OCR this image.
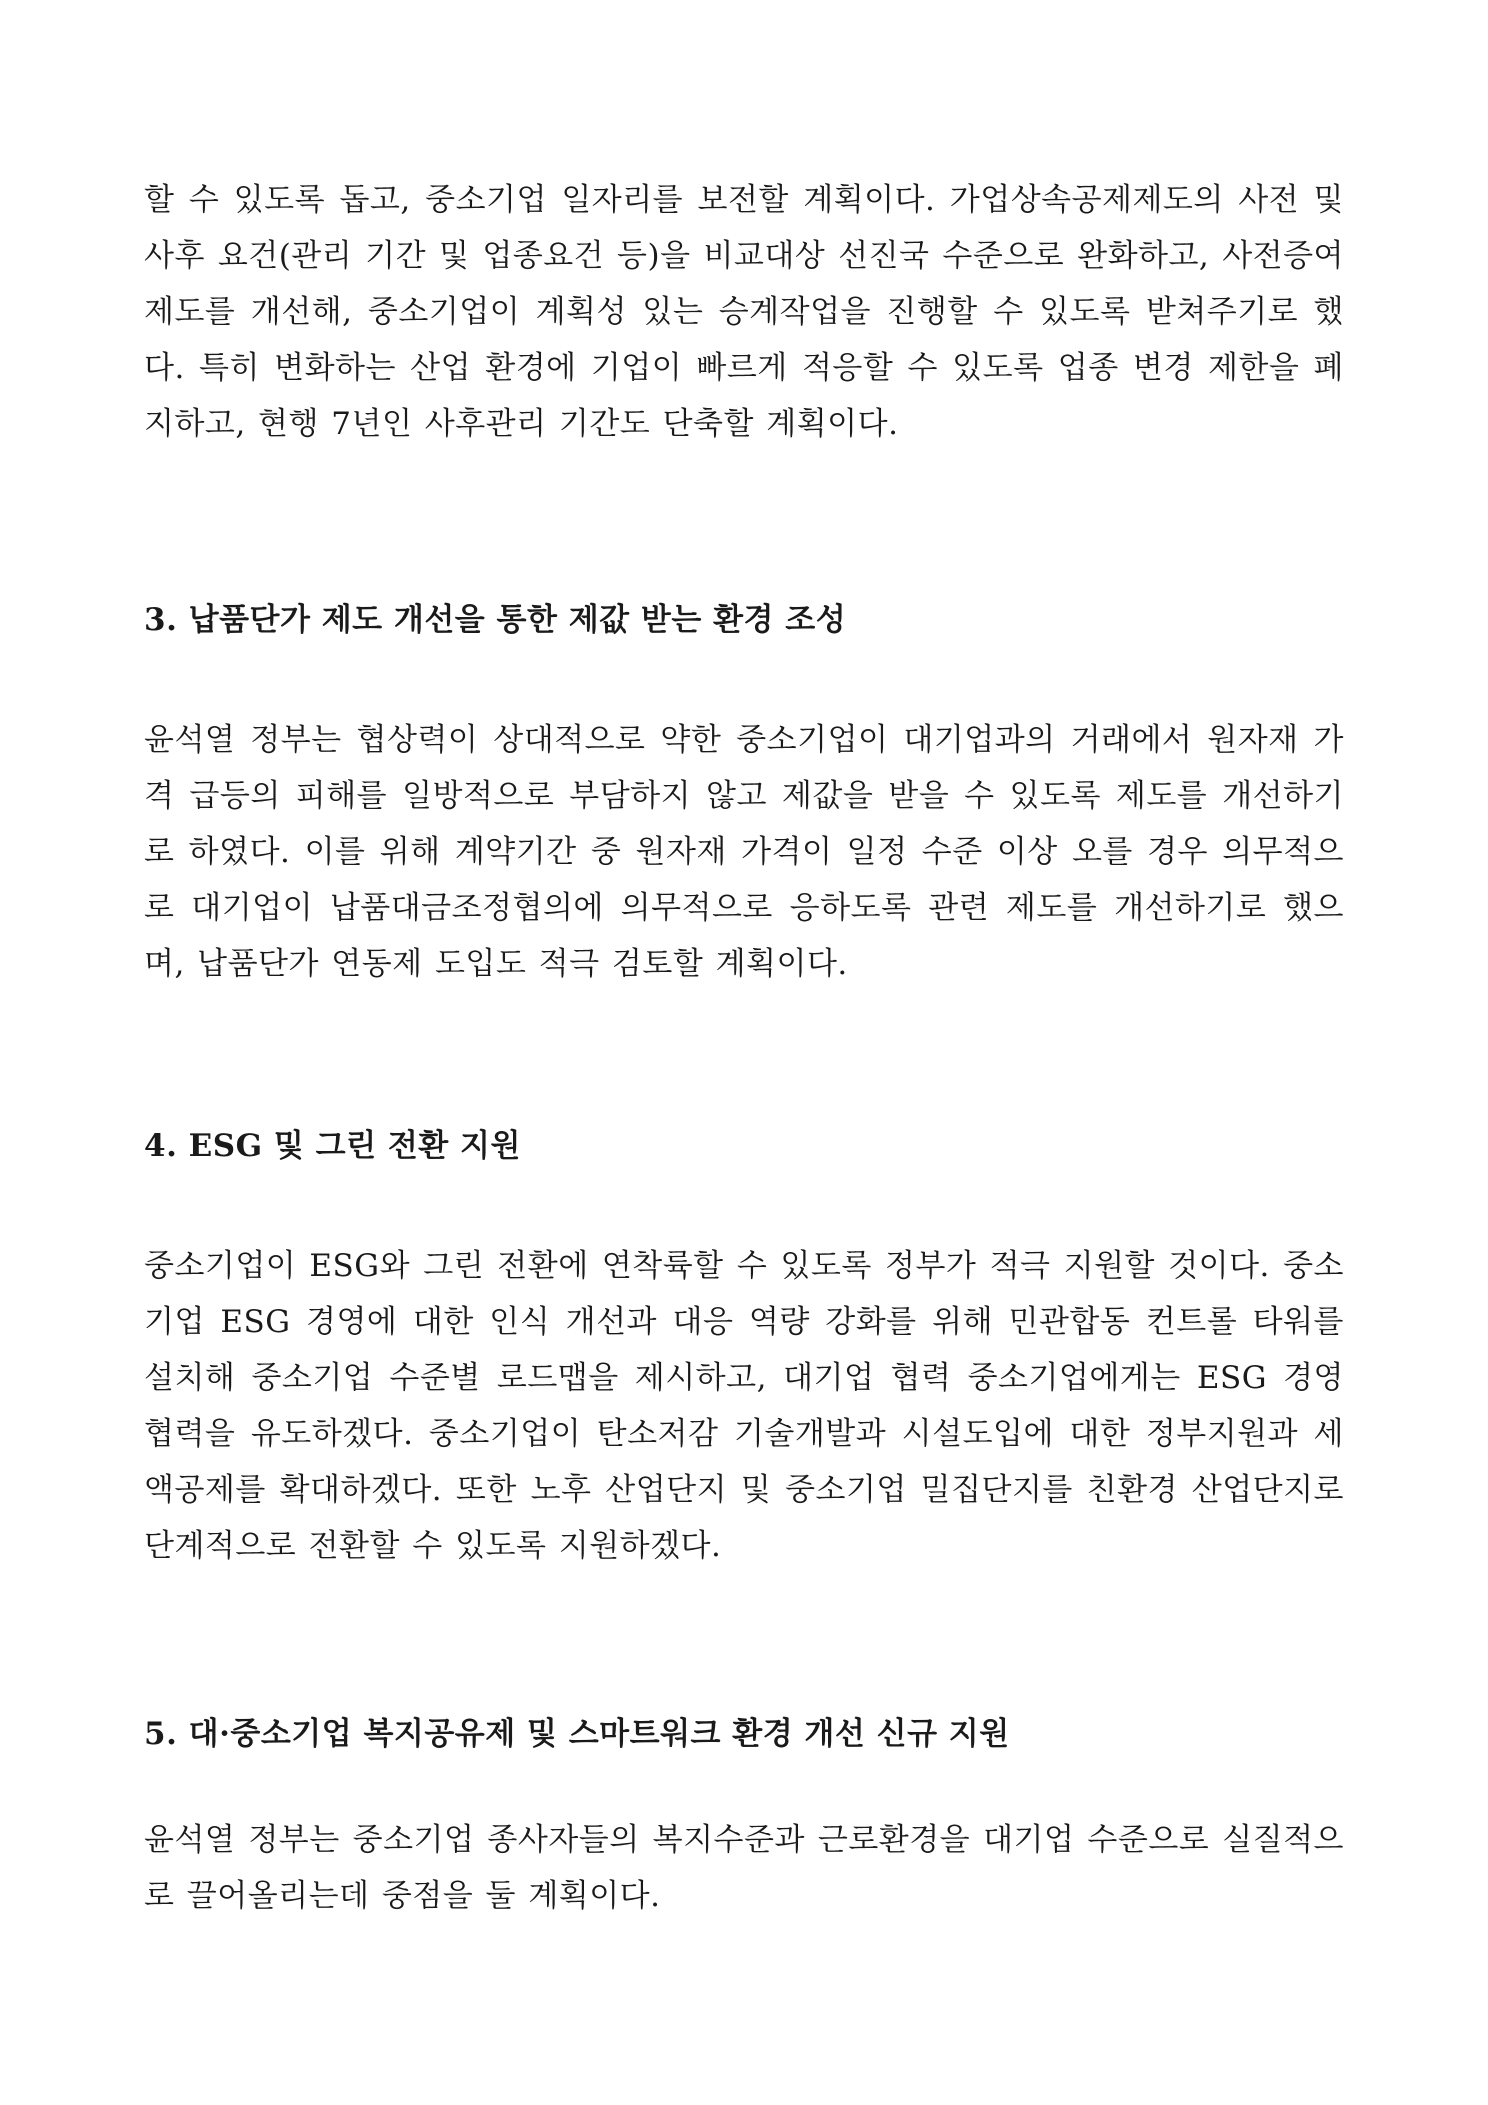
할 수 있도록 돕고, 중소기업 일자리를 보전할 계획이다. 가업상속공제제도의 사전 및 사후 요건(관리 기간 및 업종요건 등)을 비교대상 선진국 수준으로 완화하고, 사전증여제도를 개선해, 중소기업이 계획성 있는 승계작업을 진행할 수 있도록 받쳐주기로 했다. 특히 변화하는 산업 환경에 기업이 빠르게 적응할 수 있도록 업종 변경 제한을 폐지하고, 현행 7년인 사후관리 기간도 단축할 계획이다.

3. 납품단가 제도 개선을 통한 제값 받는 환경 조성

윤석열 정부는 협상력이 상대적으로 약한 중소기업이 대기업과의 거래에서 원자재 가격 급등의 피해를 일방적으로 부담하지 않고 제값을 받을 수 있도록 제도를 개선하기로 하였다. 이를 위해 계약기간 중 원자재 가격이 일정 수준 이상 오를 경우 의무적으로 대기업이 납품대금조정협의에 의무적으로 응하도록 관련 제도를 개선하기로 했으며, 납품단가 연동제 도입도 적극 검토할 계획이다.

4. ESG 및 그린 전환 지원

중소기업이 ESG와 그린 전환에 연착륙할 수 있도록 정부가 적극 지원할 것이다. 중소기업 ESG 경영에 대한 인식 개선과 대응 역량 강화를 위해 민관합동 컨트롤 타워를 설치해 중소기업 수준별 로드맵을 제시하고, 대기업 협력 중소기업에게는 ESG 경영 협력을 유도하겠다. 중소기업이 탄소저감 기술개발과 시설도입에 대한 정부지원과 세액공제를 확대하겠다. 또한 노후 산업단지 및 중소기업 밀집단지를 친환경 산업단지로 단계적으로 전환할 수 있도록 지원하겠다.

5. 대·중소기업 복지공유제 및 스마트워크 환경 개선 신규 지원

윤석열 정부는 중소기업 종사자들의 복지수준과 근로환경을 대기업 수준으로 실질적으로 끌어올리는데 중점을 둘 계획이다.
